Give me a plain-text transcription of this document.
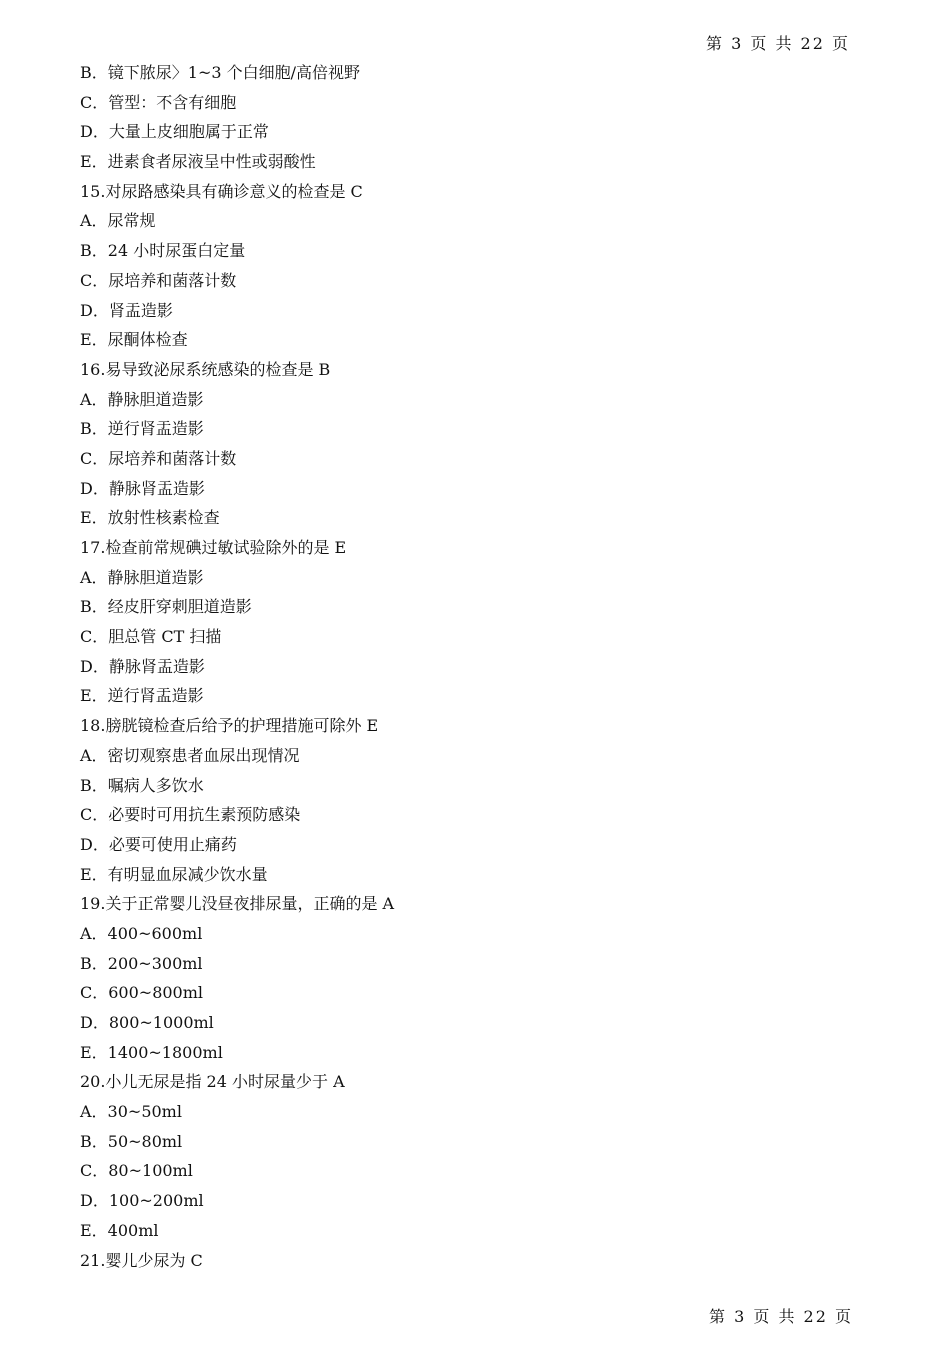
第 3 页 共 22 页
B．镜下脓尿〉1~3 个白细胞/高倍视野
C．管型：不含有细胞
D．大量上皮细胞属于正常
E．进素食者尿液呈中性或弱酸性
15.对尿路感染具有确诊意义的检查是 C
A．尿常规
B．24 小时尿蛋白定量
C．尿培养和菌落计数
D．肾盂造影
E．尿酮体检查
16.易导致泌尿系统感染的检查是 B
A．静脉胆道造影
B．逆行肾盂造影
C．尿培养和菌落计数
D．静脉肾盂造影
E．放射性核素检查
17.检查前常规碘过敏试验除外的是 E
A．静脉胆道造影
B．经皮肝穿刺胆道造影
C．胆总管 CT 扫描
D．静脉肾盂造影
E．逆行肾盂造影
18.膀胱镜检查后给予的护理措施可除外 E
A．密切观察患者血尿出现情况
B．嘱病人多饮水
C．必要时可用抗生素预防感染
D．必要可使用止痛药
E．有明显血尿减少饮水量
19.关于正常婴儿没昼夜排尿量，正确的是 A
A．400~600ml
B．200~300ml
C．600~800ml
D．800~1000ml
E．1400~1800ml
20.小儿无尿是指 24 小时尿量少于 A
A．30~50ml
B．50~80ml
C．80~100ml
D．100~200ml
E．400ml
21.婴儿少尿为 C
第 3 页 共 22 页
